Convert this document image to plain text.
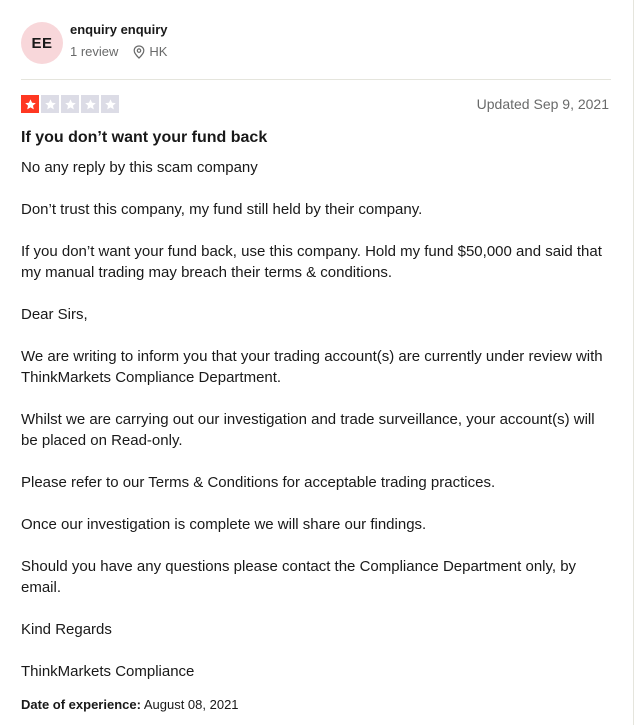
EE
enquiry enquiry
1 review HK
Updated Sep 9, 2021
If you don’t want your fund back

No any reply by this scam company

Don’t trust this company, my fund still held by their company.

If you don’t want your fund back, use this company. Hold my fund $50,000 and said that my manual trading may breach their terms & conditions.

Dear Sirs,

We are writing to inform you that your trading account(s) are currently under review with ThinkMarkets Compliance Department.

Whilst we are carrying out our investigation and trade surveillance, your account(s) will be placed on Read-only.

Please refer to our Terms & Conditions for acceptable trading practices.

Once our investigation is complete we will share our findings.

Should you have any questions please contact the Compliance Department only, by email.

Kind Regards

ThinkMarkets Compliance

Date of experience: August 08, 2021
